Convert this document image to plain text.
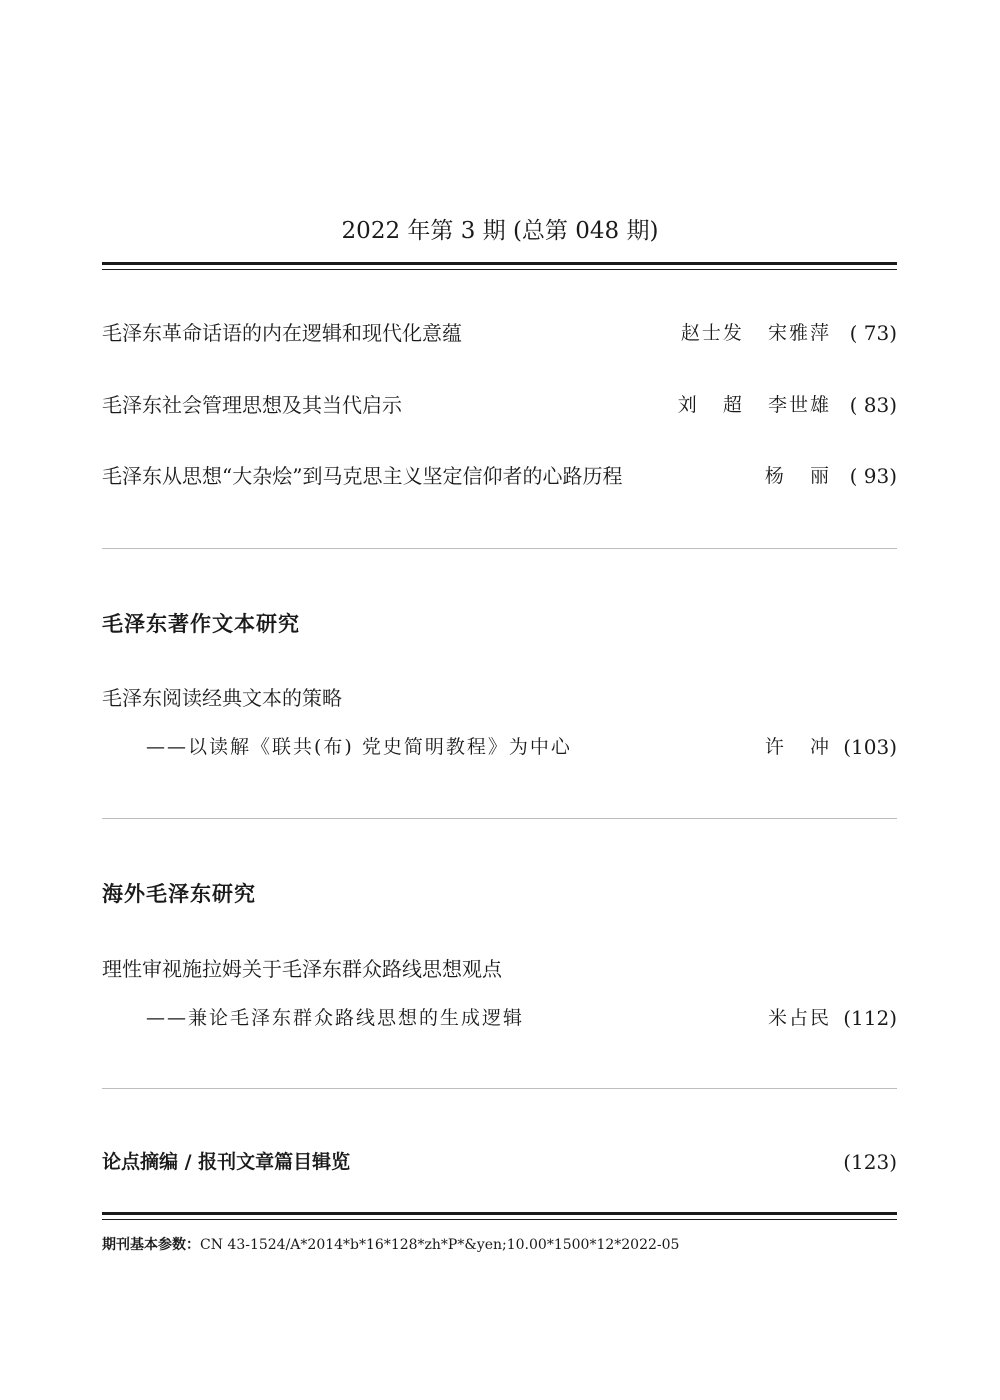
2022 年第 3 期 (总第 048 期)
毛泽东革命话语的内在逻辑和现代化意蕴	赵士发   宋雅萍 ( 73)
毛泽东社会管理思想及其当代启示	刘   超   李世雄 ( 83)
毛泽东从思想“大杂烩”到马克思主义坚定信仰者的心路历程	杨   丽 ( 93)
毛泽东著作文本研究
毛泽东阅读经典文本的策略
——以读解《联共(布) 党史简明教程》为中心	许   冲 (103)
海外毛泽东研究
理性审视施拉姆关于毛泽东群众路线思想观点
——兼论毛泽东群众路线思想的生成逻辑	米占民 (112)
论点摘编 / 报刊文章篇目辑览	(123)
期刊基本参数：CN 43-1524/A*2014*b*16*128*zh*P*&yen;10.00*1500*12*2022-05
